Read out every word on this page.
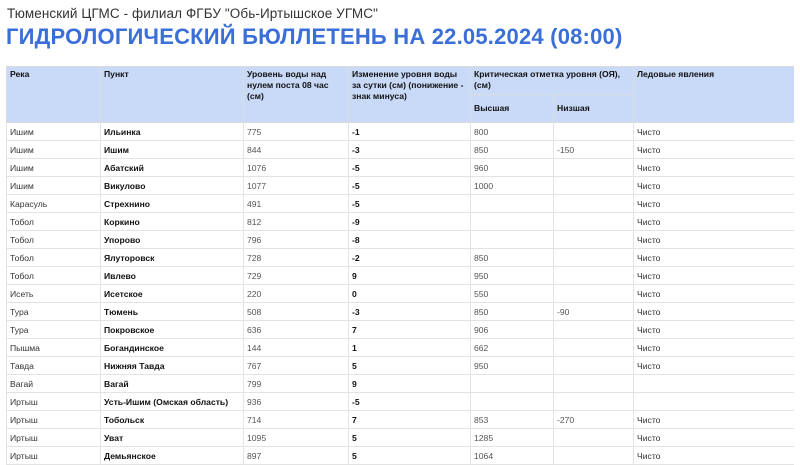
Тюменский ЦГМС - филиал ФГБУ "Обь-Иртышское УГМС"
ГИДРОЛОГИЧЕСКИЙ БЮЛЛЕТЕНЬ НА 22.05.2024 (08:00)
Река	Пункт	Уровень воды над нулем поста 08 час (см)	Изменение уровня воды за сутки (см) (понижение - знак минуса)	Критическая отметка уровня (ОЯ), (см)		Ледовые явления
				Высшая	Низшая	
Ишим	Ильинка	775	-1	800		Чисто
Ишим	Ишим	844	-3	850	-150	Чисто
Ишим	Абатский	1076	-5	960		Чисто
Ишим	Викулово	1077	-5	1000		Чисто
Карасуль	Стрехнино	491	-5			Чисто
Тобол	Коркино	812	-9			Чисто
Тобол	Упорово	796	-8			Чисто
Тобол	Ялуторовск	728	-2	850		Чисто
Тобол	Ивлево	729	9	950		Чисто
Исеть	Исетское	220	0	550		Чисто
Тура	Тюмень	508	-3	850	-90	Чисто
Тура	Покровское	636	7	906		Чисто
Пышма	Богандинское	144	1	662		Чисто
Тавда	Нижняя Тавда	767	5	950		Чисто
Вагай	Вагай	799	9			
Иртыш	Усть-Ишим (Омская область)	936	-5			
Иртыш	Тобольск	714	7	853	-270	Чисто
Иртыш	Уват	1095	5	1285		Чисто
Иртыш	Демьянское	897	5	1064		Чисто
